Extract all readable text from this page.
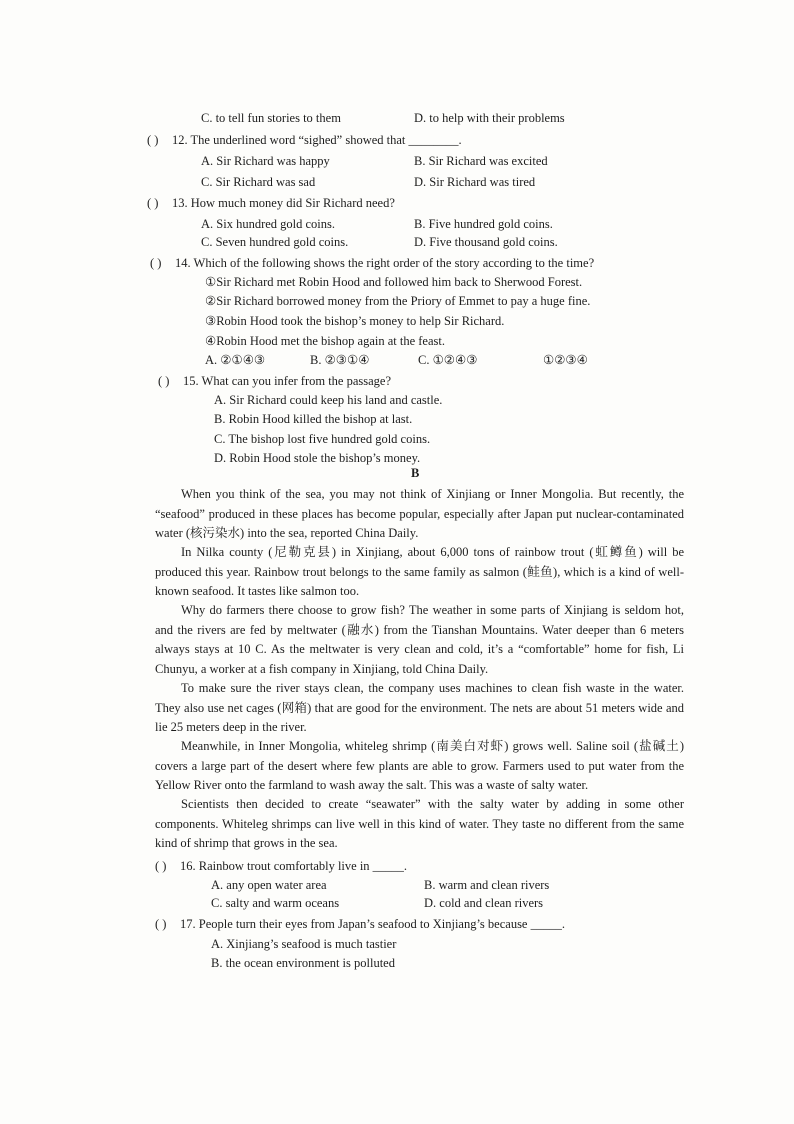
C. to tell fun stories to them	D. to help with their problems
( ) 12. The underlined word “sighed” showed that ________.
A. Sir Richard was happy	B. Sir Richard was excited
C. Sir Richard was sad	D. Sir Richard was tired
( ) 13. How much money did Sir Richard need?
A. Six hundred gold coins.	B. Five hundred gold coins.
C. Seven hundred gold coins.	D. Five thousand gold coins.
( ) 14. Which of the following shows the right order of the story according to the time?
①Sir Richard met Robin Hood and followed him back to Sherwood Forest.
②Sir Richard borrowed money from the Priory of Emmet to pay a huge fine.
③Robin Hood took the bishop’s money to help Sir Richard.
④Robin Hood met the bishop again at the feast.
A. ②①④③	B. ②③①④	C. ①②④③	①②③④
( ) 15. What can you infer from the passage?
A. Sir Richard could keep his land and castle.
B. Robin Hood killed the bishop at last.
C. The bishop lost five hundred gold coins.
D. Robin Hood stole the bishop’s money.
B
When you think of the sea, you may not think of Xinjiang or Inner Mongolia. But recently, the “seafood” produced in these places has become popular, especially after Japan put nuclear-contaminated water (核污染水) into the sea, reported China Daily.
In Nilka county (尼勒克县) in Xinjiang, about 6,000 tons of rainbow trout (虹鳟鱼) will be produced this year. Rainbow trout belongs to the same family as salmon (鲑鱼), which is a kind of well-known seafood. It tastes like salmon too.
Why do farmers there choose to grow fish? The weather in some parts of Xinjiang is seldom hot, and the rivers are fed by meltwater (融水) from the Tianshan Mountains. Water deeper than 6 meters always stays at 10 C. As the meltwater is very clean and cold, it’s a “comfortable” home for fish, Li Chunyu, a worker at a fish company in Xinjiang, told China Daily.
To make sure the river stays clean, the company uses machines to clean fish waste in the water. They also use net cages (网箱) that are good for the environment. The nets are about 51 meters wide and lie 25 meters deep in the river.
Meanwhile, in Inner Mongolia, whiteleg shrimp (南美白对虾) grows well. Saline soil (盐碱土) covers a large part of the desert where few plants are able to grow. Farmers used to put water from the Yellow River onto the farmland to wash away the salt. This was a waste of salty water.
Scientists then decided to create “seawater” with the salty water by adding in some other components. Whiteleg shrimps can live well in this kind of water. They taste no different from the same kind of shrimp that grows in the sea.
( ) 16. Rainbow trout comfortably live in _____.
A. any open water area	B. warm and clean rivers
C. salty and warm oceans	D. cold and clean rivers
( ) 17. People turn their eyes from Japan’s seafood to Xinjiang’s because _____.
A. Xinjiang’s seafood is much tastier
B. the ocean environment is polluted
